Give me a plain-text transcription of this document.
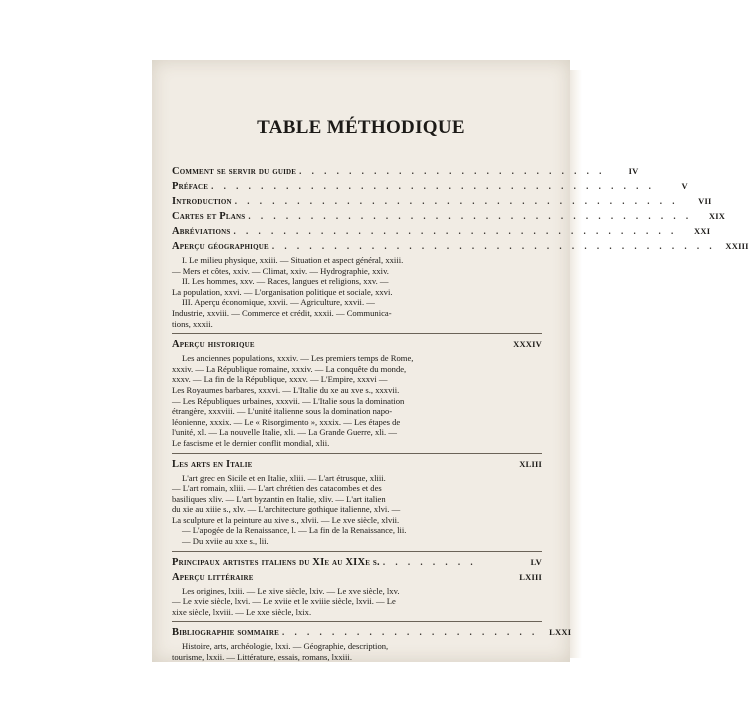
TABLE MÉTHODIQUE
Comment se servir du guide . . . . . . . . . . . . . . . . . . . . . . . . .	IV
Préface . . . . . . . . . . . . . . . . . . . . . . . . . . . . . . . . . . . .	V
Introduction . . . . . . . . . . . . . . . . . . . . . . . . . . . . . . . . . . . .	VII
Cartes et Plans . . . . . . . . . . . . . . . . . . . . . . . . . . . . . . . . . . . .	XIX
Abréviations . . . . . . . . . . . . . . . . . . . . . . . . . . . . . . . . . . . .	XXI
Aperçu géographique . . . . . . . . . . . . . . . . . . . . . . . . . . . . . . . . . . . .	XXIII
I. Le milieu physique, xxiii. — Situation et aspect général, xxiii.
— Mers et côtes, xxiv. — Climat, xxiv. — Hydrographie, xxiv.
II. Les hommes, xxv. — Races, langues et religions, xxv. —
La population, xxvi. — L'organisation politique et sociale, xxvi.
III. Aperçu économique, xxvii. — Agriculture, xxvii. —
Industrie, xxviii. — Commerce et crédit, xxxii. — Communica-
tions, xxxii.
Aperçu historique	XXXIV
Les anciennes populations, xxxiv. — Les premiers temps de Rome,
xxxiv. — La République romaine, xxxiv. — La conquête du monde,
xxxv. — La fin de la République, xxxv. — L'Empire, xxxvi —
Les Royaumes barbares, xxxvi. — L'Italie du xe au xve s., xxxvii.
— Les Républiques urbaines, xxxvii. — L'Italie sous la domination
étrangère, xxxviii. — L'unité italienne sous la domination napo-
léonienne, xxxix. — Le « Risorgimento », xxxix. — Les étapes de
l'unité, xl. — La nouvelle Italie, xli. — La Grande Guerre, xli. —
Le fascisme et le dernier conflit mondial, xlii.
Les arts en Italie	XLIII
L'art grec en Sicile et en Italie, xliii. — L'art étrusque, xliii.
— L'art romain, xliii. — L'art chrétien des catacombes et des
basiliques xliv. — L'art byzantin en Italie, xliv. — L'art italien
du xie au xiiie s., xlv. — L'architecture gothique italienne, xlvi. —
La sculpture et la peinture au xive s., xlvii. — Le xve siècle, xlvii.
— L'apogée de la Renaissance, l. — La fin de la Renaissance, lii.
— Du xviie au xxe s., lii.
Principaux artistes italiens du XIe au XIXe s. . . . . . . . .	LV
Aperçu littéraire	LXIII
Les origines, lxiii. — Le xive siècle, lxiv. — Le xve siècle, lxv.
— Le xvie siècle, lxvi. — Le xviie et le xviiie siècle, lxvii. — Le
xixe siècle, lxviii. — Le xxe siècle, lxix.
Bibliographie sommaire . . . . . . . . . . . . . . . . . . . . .	LXXI
Histoire, arts, archéologie, lxxi. — Géographie, description,
tourisme, lxxii. — Littérature, essais, romans, lxxiii.
